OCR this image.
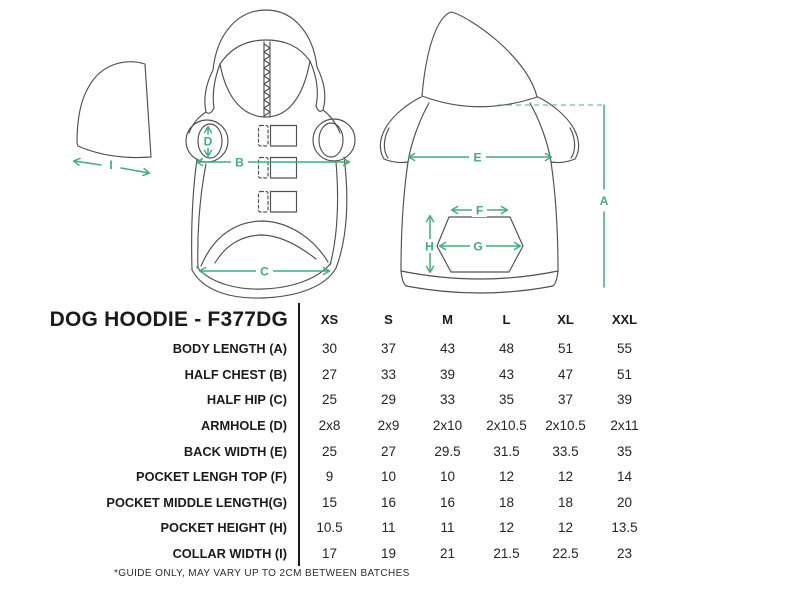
I
D
B
C
E
F
G
H
A
DOG HOODIE - F377DG	XS	S	M	L	XL	XXL
BODY LENGTH (A)	30	37	43	48	51	55
HALF CHEST (B)	27	33	39	43	47	51
HALF HIP (C)	25	29	33	35	37	39
ARMHOLE (D)	2x8	2x9	2x10	2x10.5	2x10.5	2x11
BACK WIDTH (E)	25	27	29.5	31.5	33.5	35
POCKET LENGH TOP (F)	9	10	10	12	12	14
POCKET MIDDLE LENGTH(G)	15	16	16	18	18	20
POCKET HEIGHT (H)	10.5	11	11	12	12	13.5
COLLAR WIDTH (I)	17	19	21	21.5	22.5	23
*GUIDE ONLY, MAY VARY UP TO 2CM BETWEEN BATCHES
